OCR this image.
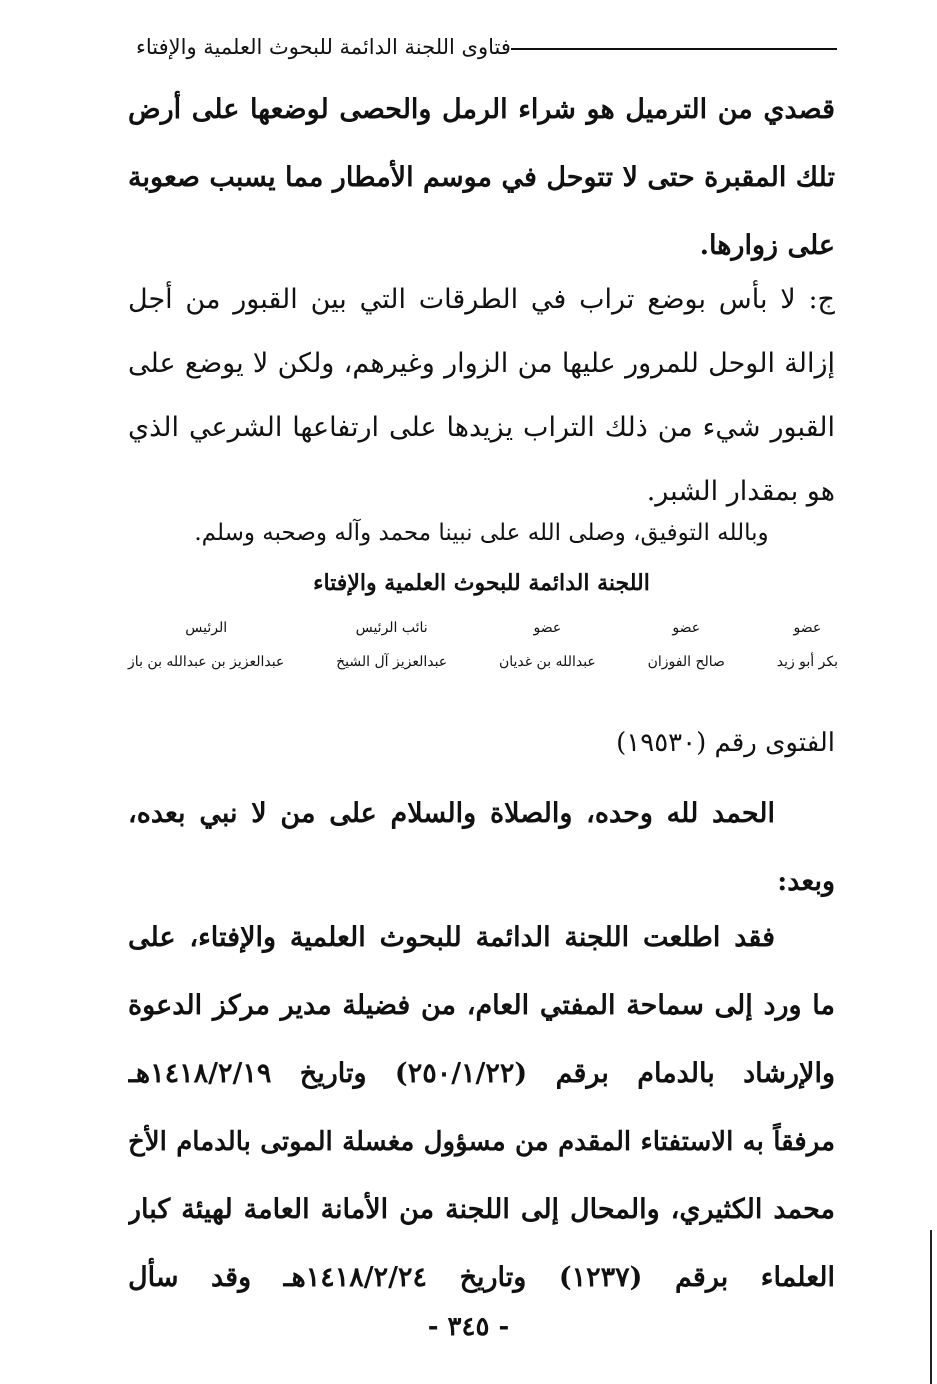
فتاوى اللجنة الدائمة للبحوث العلمية والإفتاء
قصدي من الترميل هو شراء الرمل والحصى لوضعها على أرض
تلك المقبرة حتى لا تتوحل في موسم الأمطار مما يسبب صعوبة
على زوارها.
ج: لا بأس بوضع تراب في الطرقات التي بين القبور من أجل
إزالة الوحل للمرور عليها من الزوار وغيرهم، ولكن لا يوضع على
القبور شيء من ذلك التراب يزيدها على ارتفاعها الشرعي الذي
هو بمقدار الشبر.
وبالله التوفيق، وصلى الله على نبينا محمد وآله وصحبه وسلم.
اللجنة الدائمة للبحوث العلمية والإفتاء
عضو
بكر أبو زيد
عضو
صالح الفوزان
عضو
عبدالله بن غديان
نائب الرئيس
عبدالعزيز آل الشيخ
الرئيس
عبدالعزيز بن عبدالله بن باز
الفتوى رقم (١٩٥٣٠)
الحمد لله وحده، والصلاة والسلام على من لا نبي بعده،
وبعد:
فقد اطلعت اللجنة الدائمة للبحوث العلمية والإفتاء، على
ما ورد إلى سماحة المفتي العام، من فضيلة مدير مركز الدعوة
والإرشاد بالدمام برقم (٢٥٠/١/٢٢) وتاريخ ١٤١٨/٢/١٩هـ
مرفقاً به الاستفتاء المقدم من مسؤول مغسلة الموتى بالدمام الأخ
محمد الكثيري، والمحال إلى اللجنة من الأمانة العامة لهيئة كبار
العلماء برقم (١٢٣٧) وتاريخ ١٤١٨/٢/٢٤هـ وقد سأل
- ٣٤٥ -
